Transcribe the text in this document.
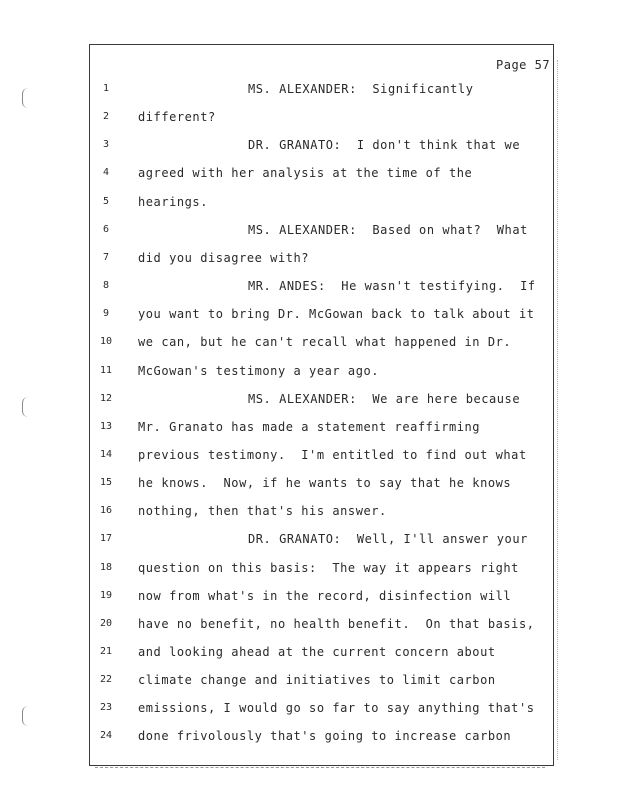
Page 57
1	MS. ALEXANDER:  Significantly
2	different?
3	DR. GRANATO:  I don't think that we
4	agreed with her analysis at the time of the
5	hearings.
6	MS. ALEXANDER:  Based on what?  What
7	did you disagree with?
8	MR. ANDES:  He wasn't testifying.  If
9	you want to bring Dr. McGowan back to talk about it
10	we can, but he can't recall what happened in Dr.
11	McGowan's testimony a year ago.
12	MS. ALEXANDER:  We are here because
13	Mr. Granato has made a statement reaffirming
14	previous testimony.  I'm entitled to find out what
15	he knows.  Now, if he wants to say that he knows
16	nothing, then that's his answer.
17	DR. GRANATO:  Well, I'll answer your
18	question on this basis:  The way it appears right
19	now from what's in the record, disinfection will
20	have no benefit, no health benefit.  On that basis,
21	and looking ahead at the current concern about
22	climate change and initiatives to limit carbon
23	emissions, I would go so far to say anything that's
24	done frivolously that's going to increase carbon
